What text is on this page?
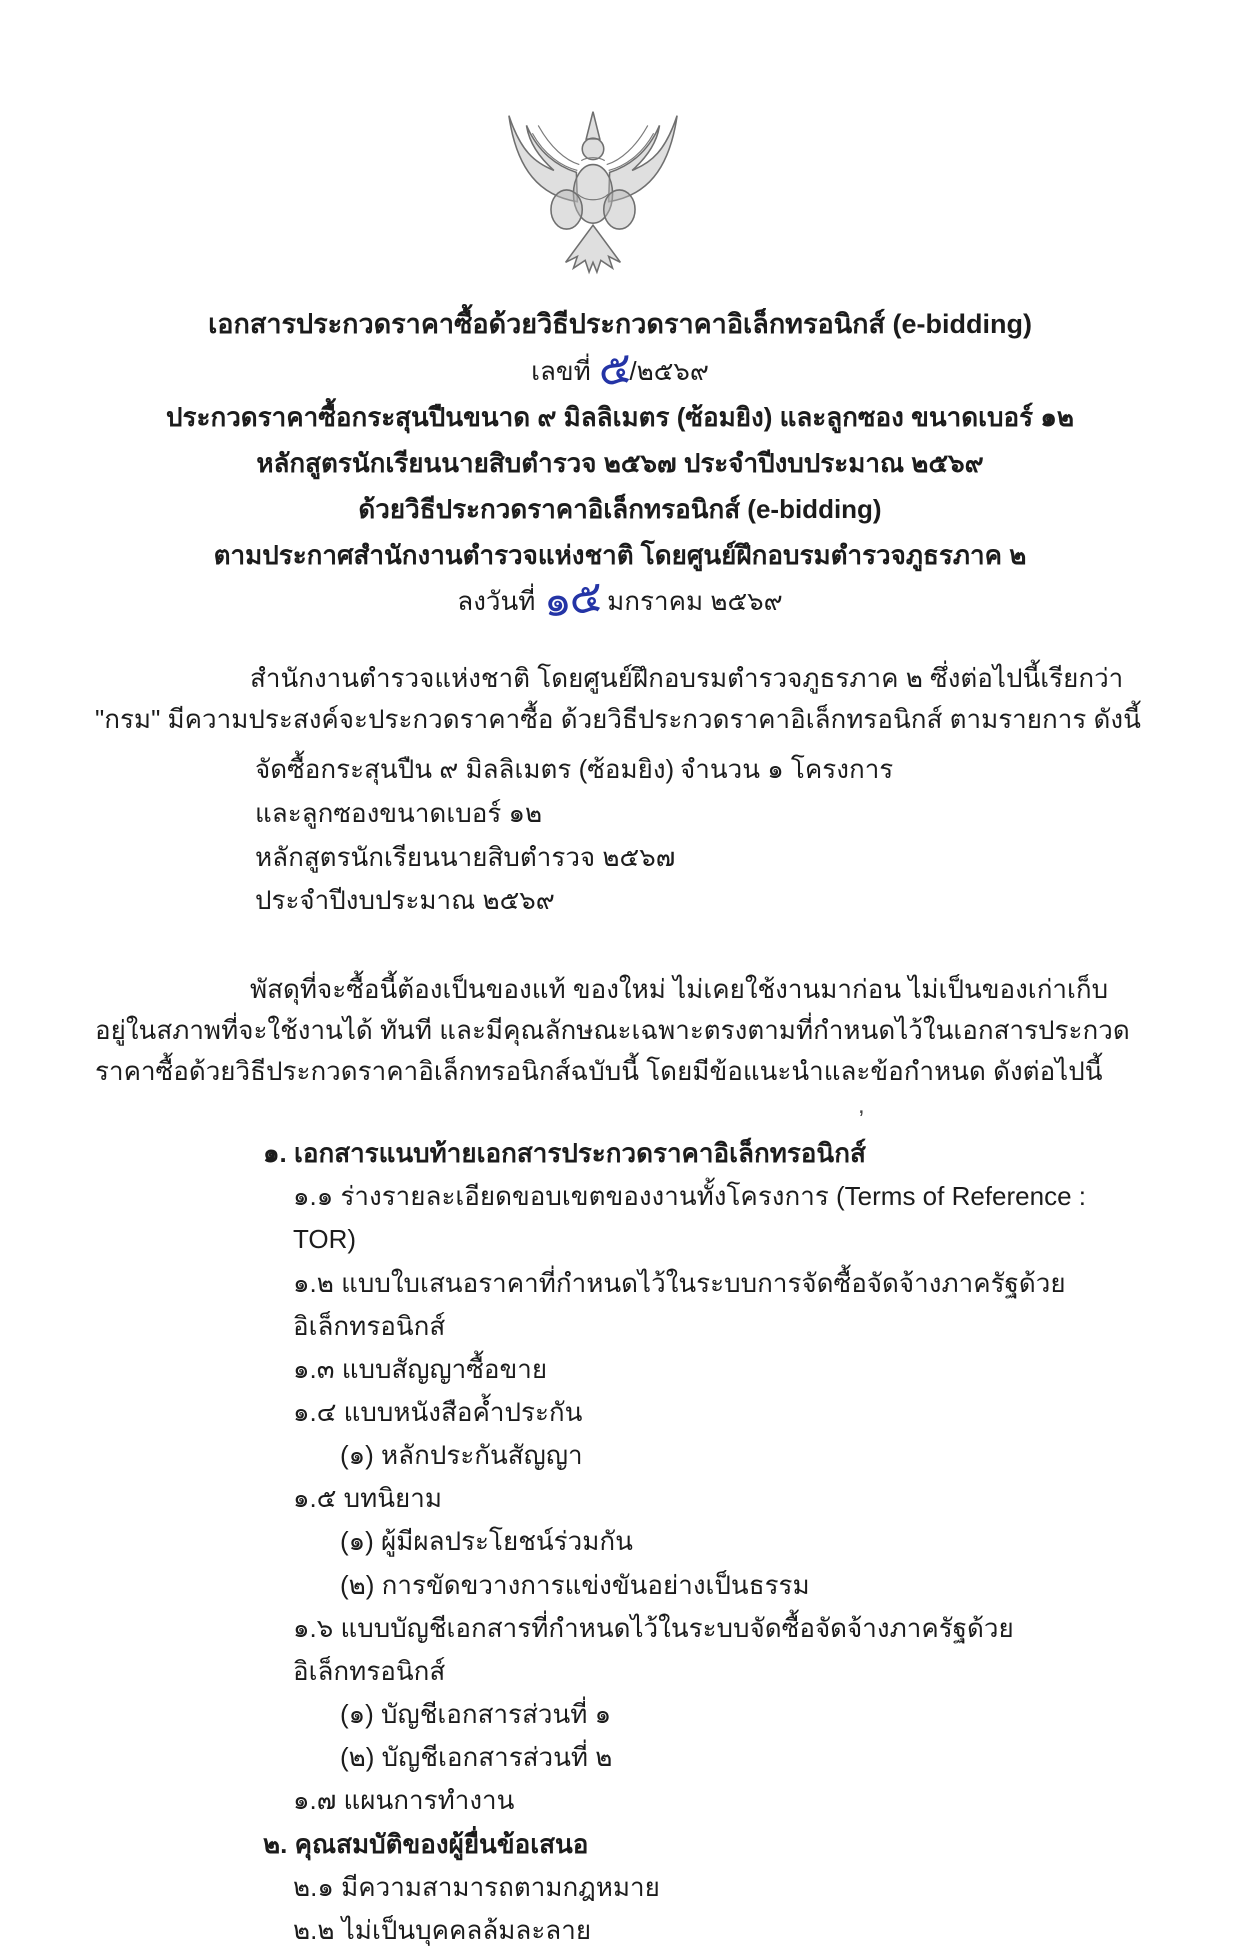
เอกสารประกวดราคาซื้อด้วยวิธีประกวดราคาอิเล็กทรอนิกส์ (e-bidding)
เลขที่ ๕/๒๕๖๙
ประกวดราคาซื้อกระสุนปืนขนาด ๙ มิลลิเมตร (ซ้อมยิง) และลูกซอง ขนาดเบอร์ ๑๒
หลักสูตรนักเรียนนายสิบตำรวจ ๒๕๖๗ ประจำปีงบประมาณ ๒๕๖๙
ด้วยวิธีประกวดราคาอิเล็กทรอนิกส์ (e-bidding)
ตามประกาศสำนักงานตำรวจแห่งชาติ โดยศูนย์ฝึกอบรมตำรวจภูธรภาค ๒
ลงวันที่ ๑๕ มกราคม ๒๕๖๙
สำนักงานตำรวจแห่งชาติ โดยศูนย์ฝึกอบรมตำรวจภูธรภาค ๒ ซึ่งต่อไปนี้เรียกว่า "กรม" มีความประสงค์จะประกวดราคาซื้อ ด้วยวิธีประกวดราคาอิเล็กทรอนิกส์ ตามรายการ ดังนี้
จัดซื้อกระสุนปืน ๙ มิลลิเมตร (ซ้อมยิง) จำนวน ๑ โครงการ
และลูกซองขนาดเบอร์ ๑๒
หลักสูตรนักเรียนนายสิบตำรวจ ๒๕๖๗
ประจำปีงบประมาณ ๒๕๖๙
พัสดุที่จะซื้อนี้ต้องเป็นของแท้ ของใหม่ ไม่เคยใช้งานมาก่อน ไม่เป็นของเก่าเก็บ อยู่ในสภาพที่จะใช้งานได้ ทันที และมีคุณลักษณะเฉพาะตรงตามที่กำหนดไว้ในเอกสารประกวดราคาซื้อด้วยวิธีประกวดราคาอิเล็กทรอนิกส์ฉบับนี้ โดยมีข้อแนะนำและข้อกำหนด ดังต่อไปนี้
๑. เอกสารแนบท้ายเอกสารประกวดราคาอิเล็กทรอนิกส์
๑.๑ ร่างรายละเอียดขอบเขตของงานทั้งโครงการ (Terms of Reference : TOR)
๑.๒ แบบใบเสนอราคาที่กำหนดไว้ในระบบการจัดซื้อจัดจ้างภาครัฐด้วย อิเล็กทรอนิกส์
๑.๓ แบบสัญญาซื้อขาย
๑.๔ แบบหนังสือค้ำประกัน
(๑) หลักประกันสัญญา
๑.๕ บทนิยาม
(๑) ผู้มีผลประโยชน์ร่วมกัน
(๒) การขัดขวางการแข่งขันอย่างเป็นธรรม
๑.๖ แบบบัญชีเอกสารที่กำหนดไว้ในระบบจัดซื้อจัดจ้างภาครัฐด้วยอิเล็กทรอนิกส์
(๑) บัญชีเอกสารส่วนที่ ๑
(๒) บัญชีเอกสารส่วนที่ ๒
๑.๗ แผนการทำงาน
๒. คุณสมบัติของผู้ยื่นข้อเสนอ
๒.๑ มีความสามารถตามกฎหมาย
๒.๒ ไม่เป็นบุคคลล้มละลาย
,
